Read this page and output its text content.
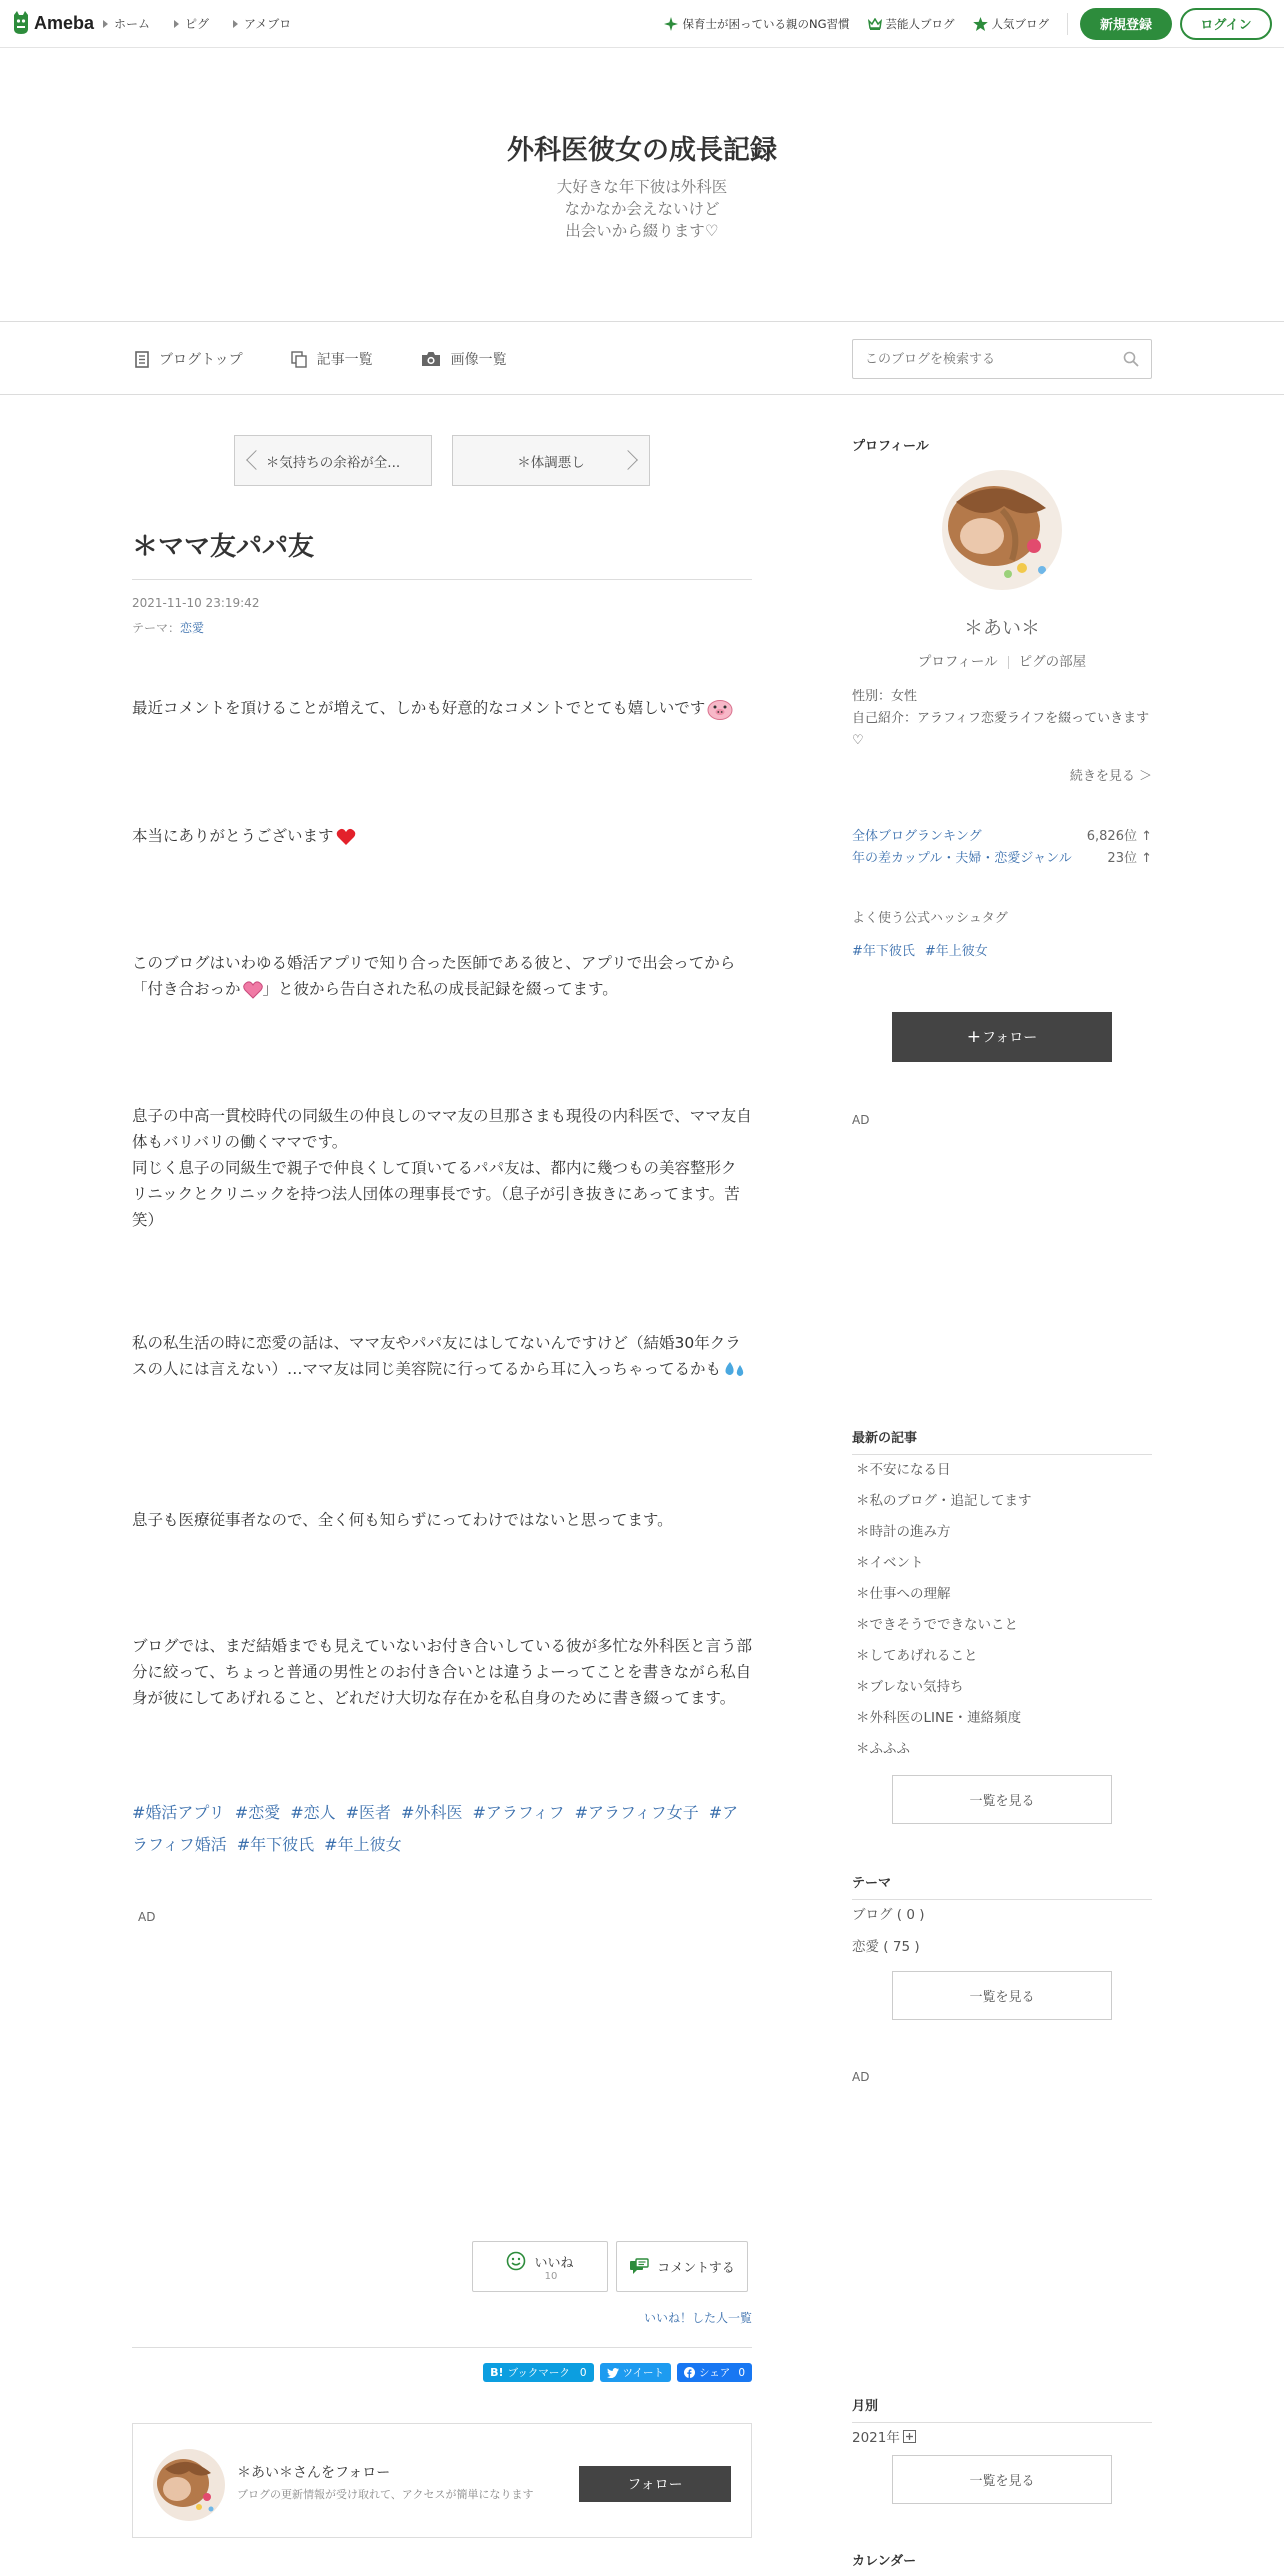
Ameba ホーム	ピグ	アメブロ	保育士が困っている親のNG習慣	芸能人ブログ	人気ブログ	新規登録	ログイン
外科医彼女の成長記録
大好きな年下彼は外科医
なかなか会えないけど
出会いから綴ります♡
ブログトップ	記事一覧	画像一覧
このブログを検索する
＊気持ちの余裕が全...	＊体調悪し
＊ママ友パパ友
2021-11-10 23:19:42
テーマ：恋愛

最近コメントを頂けることが増えて、しかも好意的なコメントでとても嬉しいです

本当にありがとうございます

このブログはいわゆる婚活アプリで知り合った医師である彼と、アプリで出会ってから「付き合おっか 」と彼から告白された私の成長記録を綴ってます。

息子の中高一貫校時代の同級生の仲良しのママ友の旦那さまも現役の内科医で、ママ友自体もバリバリの働くママです。
同じく息子の同級生で親子で仲良くして頂いてるパパ友は、都内に幾つもの美容整形クリニックとクリニックを持つ法人団体の理事長です。（息子が引き抜きにあってます。苦笑）

私の私生活の時に恋愛の話は、ママ友やパパ友にはしてないんですけど（結婚30年クラスの人には言えない）…ママ友は同じ美容院に行ってるから耳に入っちゃってるかも

息子も医療従事者なので、全く何も知らずにってわけではないと思ってます。

ブログでは、まだ結婚までも見えていないお付き合いしている彼が多忙な外科医と言う部分に絞って、ちょっと普通の男性とのお付き合いとは違うよーってことを書きながら私自身が彼にしてあげれること、どれだけ大切な存在かを私自身のために書き綴ってます。

#婚活アプリ #恋愛 #恋人 #医者 #外科医 #アラフィフ #アラフィフ女子 #アラフィフ婚活 #年下彼氏 #年上彼女
AD
いいね
10
コメントする
いいね！した人一覧
B! ブックマーク 0	ツイート	シェア 0
＊あい＊さんをフォロー
ブログの更新情報が受け取れて、アクセスが簡単になります
フォロー
プロフィール
＊あい＊
プロフィール ピグの部屋
性別：女性
自己紹介：アラフィフ恋愛ライフを綴っていきます♡
続きを見る ＞
全体ブログランキング	6,826位 ↑
年の差カップル・夫婦・恋愛ジャンル	23位 ↑
よく使う公式ハッシュタグ
#年下彼氏 #年上彼女
+ フォロー
AD
最新の記事
＊不安になる日
＊私のブログ・追記してます
＊時計の進み方
＊イベント
＊仕事への理解
＊できそうでできないこと
＊してあげれること
＊ブレない気持ち
＊外科医のLINE・連絡頻度
＊ふふふ
一覧を見る
テーマ
ブログ ( 0 )
恋愛 ( 75 )
一覧を見る
AD
月別
2021年
一覧を見る
カレンダー
